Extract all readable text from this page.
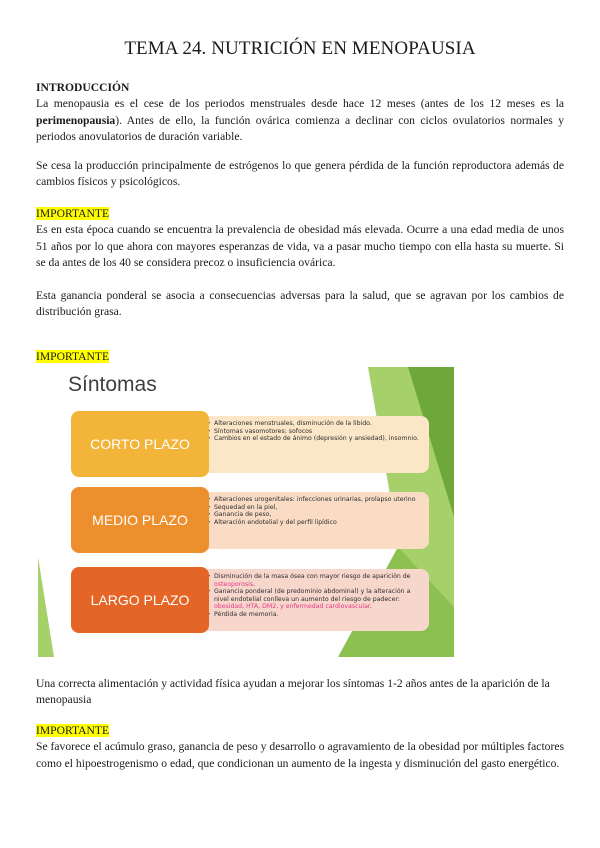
TEMA 24. NUTRICIÓN EN MENOPAUSIA
INTRODUCCIÓN
La menopausia es el cese de los periodos menstruales desde hace 12 meses (antes de los 12 meses es la perimenopausia). Antes de ello, la función ovárica comienza a declinar con ciclos ovulatorios normales y periodos anovulatorios de duración variable.
Se cesa la producción principalmente de estrógenos lo que genera pérdida de la función reproductora además de cambios físicos y psicológicos.
IMPORTANTE
Es en esta época cuando se encuentra la prevalencia de obesidad más elevada. Ocurre a una edad media de unos 51 años por lo que ahora con mayores esperanzas de vida, va a pasar mucho tiempo con ella hasta su muerte. Si se da antes de los 40 se considera precoz o insuficiencia ovárica.
Esta ganancia ponderal se asocia a consecuencias adversas para la salud, que se agravan por los cambios de distribución grasa.
IMPORTANTE
Síntomas
• Alteraciones menstruales, disminución de la libido.
• Síntomas vasomotores: sofocos
• Cambios en el estado de ánimo (depresión y ansiedad), insomnio.
CORTO PLAZO
• Alteraciones urogenitales: infecciones urinarias, prolapso uterino
• Sequedad en la piel,
• Ganancia de peso,
• Alteración endotelial y del perfil lipídico
MEDIO PLAZO
• Disminución de la masa ósea con mayor riesgo de aparición de osteoporosis.
• Ganancia ponderal (de predominio abdominal) y la alteración a nivel endotelial conlleva un aumento del riesgo de padecer: obesidad, HTA, DM2, y enfermedad cardiovascular.
• Pérdida de memoria.
LARGO PLAZO
Una correcta alimentación y actividad física ayudan a mejorar los síntomas 1-2 años antes de la aparición de la menopausia
IMPORTANTE
Se favorece el acúmulo graso, ganancia de peso y desarrollo o agravamiento de la obesidad por múltiples factores como el hipoestrogenismo o edad, que condicionan un aumento de la ingesta y disminución del gasto energético.
